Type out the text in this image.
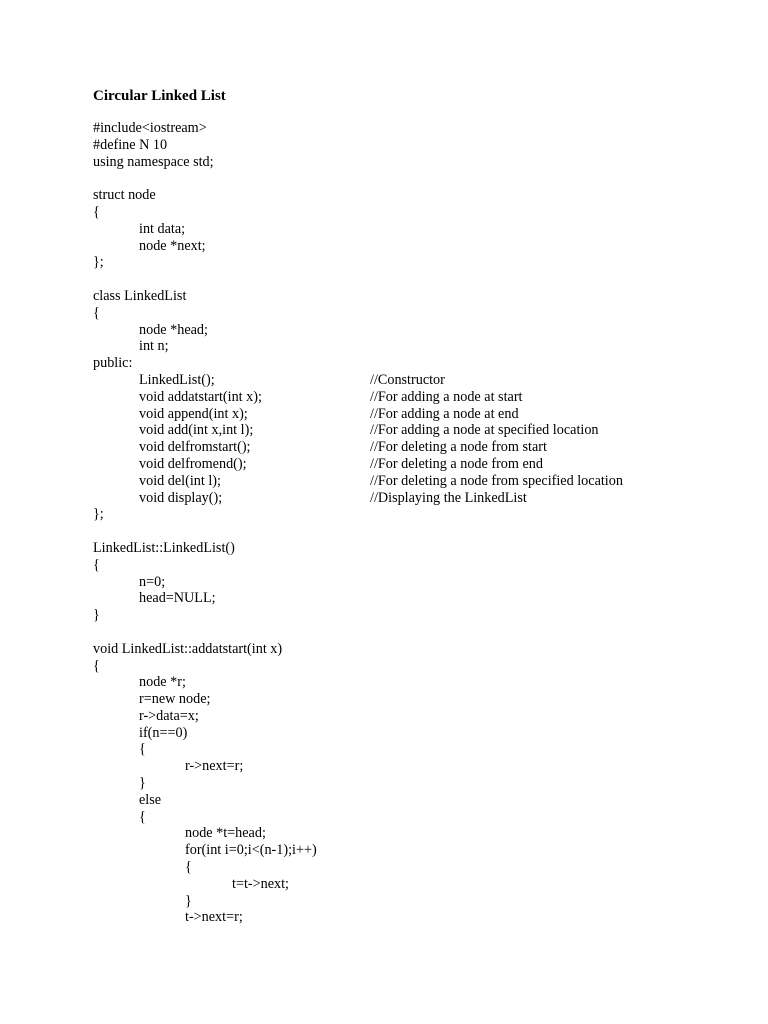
Circular Linked List
#include<iostream>
#define N 10
using namespace std;
struct node
{
int data;
node *next;
};
class LinkedList
{
node *head;
int n;
public:
LinkedList();	//Constructor
void addatstart(int x);	//For adding a node at start
void append(int x);	//For adding a node at end
void add(int x,int l);	//For adding a node at specified location
void delfromstart();	//For deleting a node from start
void delfromend();	//For deleting a node from end
void del(int l);	//For deleting a node from specified location
void display();	//Displaying the LinkedList
};
LinkedList::LinkedList()
{
n=0;
head=NULL;
}
void LinkedList::addatstart(int x)
{
node *r;
r=new node;
r->data=x;
if(n==0)
{
r->next=r;
}
else
{
node *t=head;
for(int i=0;i<(n-1);i++)
{
t=t->next;
}
t->next=r;
